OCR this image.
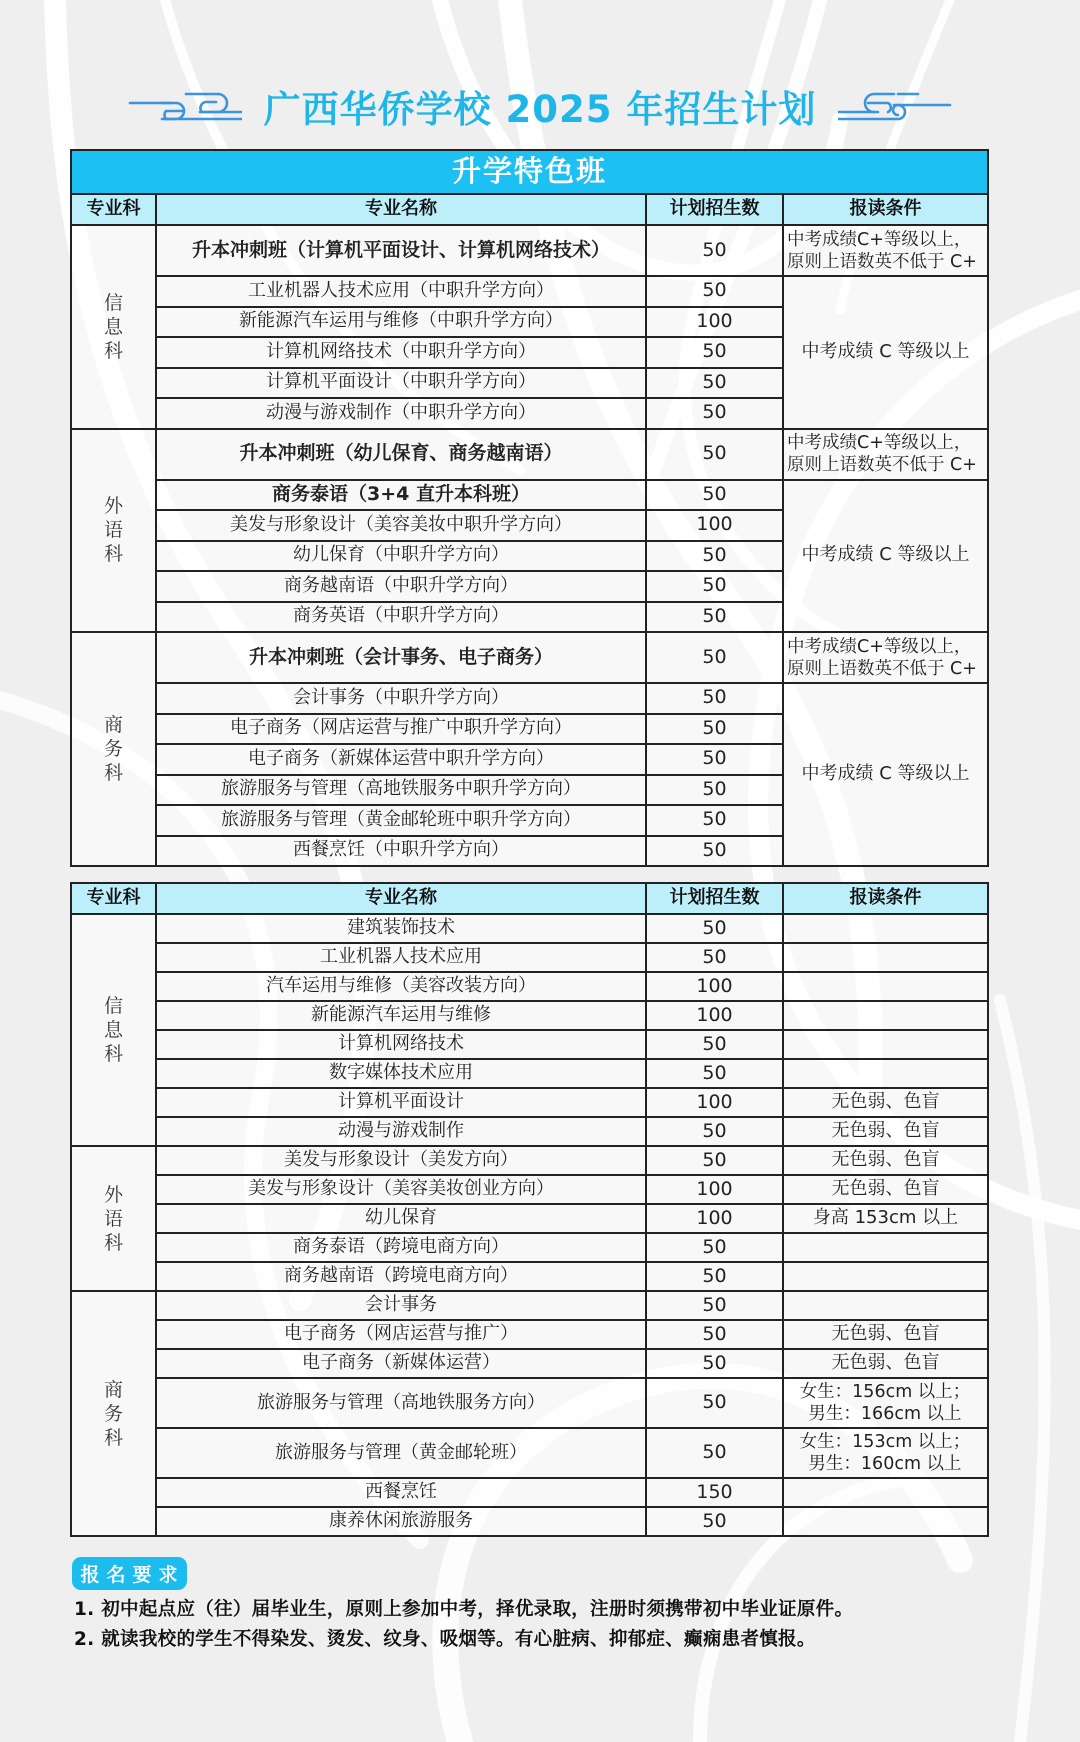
广西华侨学校 2025 年招生计划
升学特色班			
专业科	专业名称	计划招生数	报读条件

信
息
科
	升本冲刺班（计算机平面设计、计算机网络技术）	50	中考成绩C+等级以上，
原则上语数英不低于 C+

	工业机器人技术应用（中职升学方向）	50	中考成绩 C 等级以上
	新能源汽车运用与维修（中职升学方向）	100	
	计算机网络技术（中职升学方向）	50	
	计算机平面设计（中职升学方向）	50	
	动漫与游戏制作（中职升学方向）	50	

外
语
科
	升本冲刺班（幼儿保育、商务越南语）	50	中考成绩C+等级以上，
原则上语数英不低于 C+

	商务泰语（3+4 直升本科班）	50	中考成绩 C 等级以上
	美发与形象设计（美容美妆中职升学方向）	100	
	幼儿保育（中职升学方向）	50	
	商务越南语（中职升学方向）	50	
	商务英语（中职升学方向）	50	

商
务
科
	升本冲刺班（会计事务、电子商务）	50	中考成绩C+等级以上，
原则上语数英不低于 C+

	会计事务（中职升学方向）	50	中考成绩 C 等级以上
	电子商务（网店运营与推广中职升学方向）	50	
	电子商务（新媒体运营中职升学方向）	50	
	旅游服务与管理（高地铁服务中职升学方向）	50	
	旅游服务与管理（黄金邮轮班中职升学方向）	50	
	西餐烹饪（中职升学方向）	50	
专业科	专业名称	计划招生数	报读条件

信
息
科	建筑装饰技术	50	
	工业机器人技术应用	50	
	汽车运用与维修（美容改装方向）	100	
	新能源汽车运用与维修	100	
	计算机网络技术	50	
	数字媒体技术应用	50	
	计算机平面设计	100	无色弱、色盲
	动漫与游戏制作	50	无色弱、色盲

外
语
科	美发与形象设计（美发方向）	50	无色弱、色盲
	美发与形象设计（美容美妆创业方向）	100	无色弱、色盲
	幼儿保育	100	身高 153cm 以上
	商务泰语（跨境电商方向）	50	
	商务越南语（跨境电商方向）	50	

商
务
科	会计事务	50	
	电子商务（网店运营与推广）	50	无色弱、色盲
	电子商务（新媒体运营）	50	无色弱、色盲
	旅游服务与管理（高地铁服务方向）	50	女生：156cm 以上；
男生：166cm 以上

	旅游服务与管理（黄金邮轮班）	50	女生：153cm 以上；
男生：160cm 以上

	西餐烹饪	150	
	康养休闲旅游服务	50	
报名要求

1. 初中起点应（往）届毕业生，原则上参加中考，择优录取，注册时须携带初中毕业证原件。

2. 就读我校的学生不得染发、烫发、纹身、吸烟等。有心脏病、抑郁症、癫痫患者慎报。
